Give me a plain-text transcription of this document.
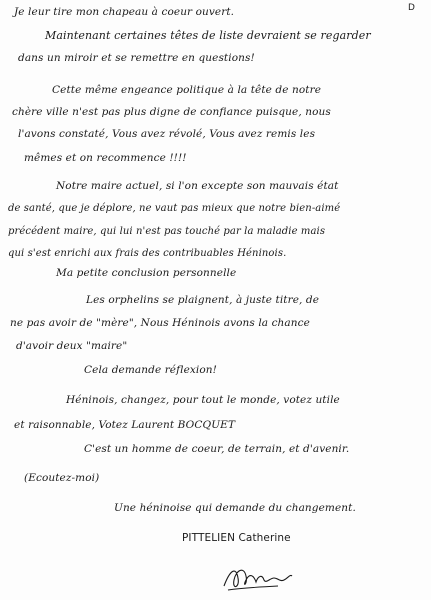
D
Je leur tire mon chapeau à coeur ouvert.
Maintenant certaines têtes de liste devraient se regarder
dans un miroir et se remettre en questions!
Cette même engeance politique à la tête de notre
chère ville n'est pas plus digne de confiance puisque, nous
l'avons constaté, Vous avez révolé, Vous avez remis les
mêmes et on recommence !!!!
Notre maire actuel, si l'on excepte son mauvais état
de santé, que je déplore, ne vaut pas mieux que notre bien-aimé
précédent maire, qui lui n'est pas touché par la maladie mais
qui s'est enrichi aux frais des contribuables Héninois.
Ma petite conclusion personnelle
Les orphelins se plaignent, à juste titre, de
ne pas avoir de "mère", Nous Héninois avons la chance
d'avoir deux "maire"
Cela demande réflexion!
Héninois, changez, pour tout le monde, votez utile
et raisonnable, Votez Laurent BOCQUET
C'est un homme de coeur, de terrain, et d'avenir.
(Ecoutez-moi)
Une héninoise qui demande du changement.
PITTELIEN Catherine
